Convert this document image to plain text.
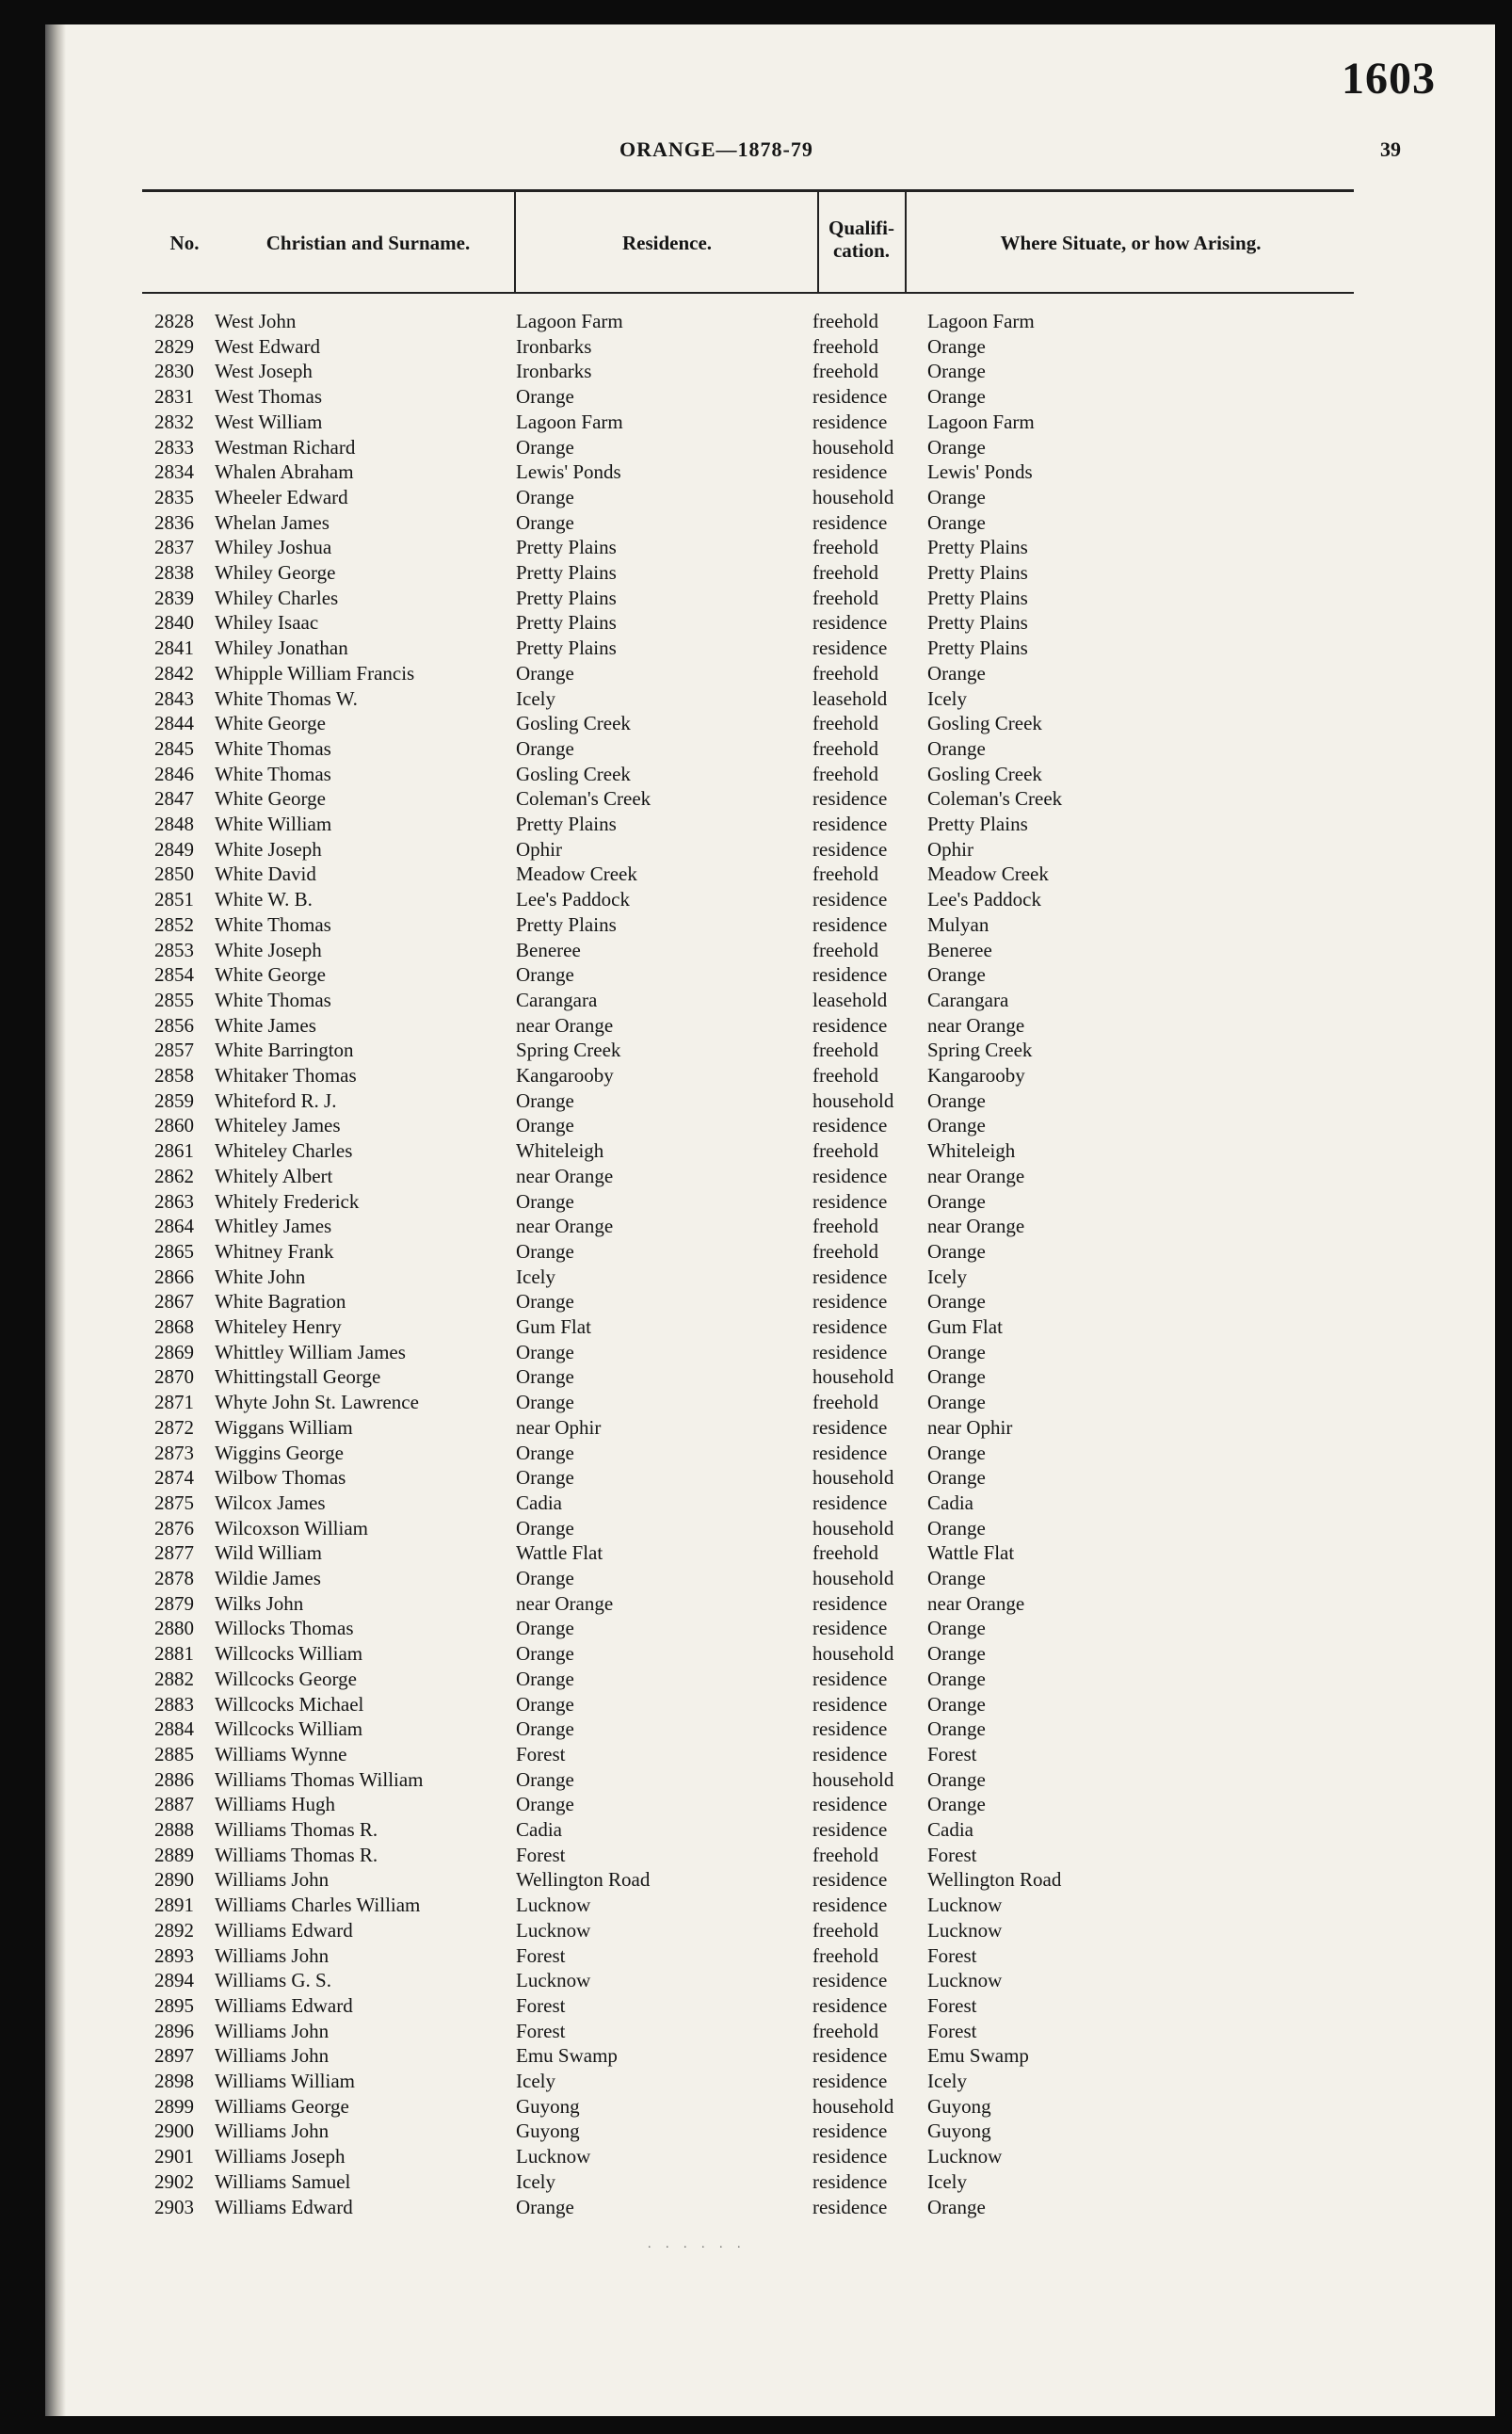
1603
ORANGE—1878-79	39
No.	Christian and Surname.	Residence.
Qualifi-
cation.	Where Situate, or how Arising.
2828 West John	Lagoon Farm	freehold Lagoon Farm
2829 West Edward	Ironbarks	freehold Orange
2830 West Joseph	Ironbarks	freehold Orange
2831 West Thomas	Orange	residence Orange
2832 West William	Lagoon Farm	residence Lagoon Farm
2833 Westman Richard	Orange	household Orange
2834 Whalen Abraham	Lewis' Ponds	residence Lewis' Ponds
2835 Wheeler Edward	Orange	household Orange
2836 Whelan James	Orange	residence Orange
2837 Whiley Joshua	Pretty Plains	freehold Pretty Plains
2838 Whiley George	Pretty Plains	freehold Pretty Plains
2839 Whiley Charles	Pretty Plains	freehold Pretty Plains
2840 Whiley Isaac	Pretty Plains	residence Pretty Plains
2841 Whiley Jonathan	Pretty Plains	residence Pretty Plains
2842 Whipple William Francis	Orange	freehold Orange
2843 White Thomas W.	Icely	leasehold Icely
2844 White George	Gosling Creek	freehold Gosling Creek
2845 White Thomas	Orange	freehold Orange
2846 White Thomas	Gosling Creek	freehold Gosling Creek
2847 White George	Coleman's Creek	residence Coleman's Creek
2848 White William	Pretty Plains	residence Pretty Plains
2849 White Joseph	Ophir	residence Ophir
2850 White David	Meadow Creek	freehold Meadow Creek
2851 White W. B.	Lee's Paddock	residence Lee's Paddock
2852 White Thomas	Pretty Plains	residence Mulyan
2853 White Joseph	Beneree	freehold Beneree
2854 White George	Orange	residence Orange
2855 White Thomas	Carangara	leasehold Carangara
2856 White James	near Orange	residence near Orange
2857 White Barrington	Spring Creek	freehold Spring Creek
2858 Whitaker Thomas	Kangarooby	freehold Kangarooby
2859 Whiteford R. J.	Orange	household Orange
2860 Whiteley James	Orange	residence Orange
2861 Whiteley Charles	Whiteleigh	freehold Whiteleigh
2862 Whitely Albert	near Orange	residence near Orange
2863 Whitely Frederick	Orange	residence Orange
2864 Whitley James	near Orange	freehold near Orange
2865 Whitney Frank	Orange	freehold Orange
2866 White John	Icely	residence Icely
2867 White Bagration	Orange	residence Orange
2868 Whiteley Henry	Gum Flat	residence Gum Flat
2869 Whittley William James	Orange	residence Orange
2870 Whittingstall George	Orange	household Orange
2871 Whyte John St. Lawrence	Orange	freehold Orange
2872 Wiggans William	near Ophir	residence near Ophir
2873 Wiggins George	Orange	residence Orange
2874 Wilbow Thomas	Orange	household Orange
2875 Wilcox James	Cadia	residence Cadia
2876 Wilcoxson William	Orange	household Orange
2877 Wild William	Wattle Flat	freehold Wattle Flat
2878 Wildie James	Orange	household Orange
2879 Wilks John	near Orange	residence near Orange
2880 Willocks Thomas	Orange	residence Orange
2881 Willcocks William	Orange	household Orange
2882 Willcocks George	Orange	residence Orange
2883 Willcocks Michael	Orange	residence Orange
2884 Willcocks William	Orange	residence Orange
2885 Williams Wynne	Forest	residence Forest
2886 Williams Thomas William	Orange	household Orange
2887 Williams Hugh	Orange	residence Orange
2888 Williams Thomas R.	Cadia	residence Cadia
2889 Williams Thomas R.	Forest	freehold Forest
2890 Williams John	Wellington Road	residence Wellington Road
2891 Williams Charles William	Lucknow	residence Lucknow
2892 Williams Edward	Lucknow	freehold Lucknow
2893 Williams John	Forest	freehold Forest
2894 Williams G. S.	Lucknow	residence Lucknow
2895 Williams Edward	Forest	residence Forest
2896 Williams John	Forest	freehold Forest
2897 Williams John	Emu Swamp	residence Emu Swamp
2898 Williams William	Icely	residence Icely
2899 Williams George	Guyong	household Guyong
2900 Williams John	Guyong	residence Guyong
2901 Williams Joseph	Lucknow	residence Lucknow
2902 Williams Samuel	Icely	residence Icely
2903 Williams Edward	Orange	residence Orange
. . . . . .
